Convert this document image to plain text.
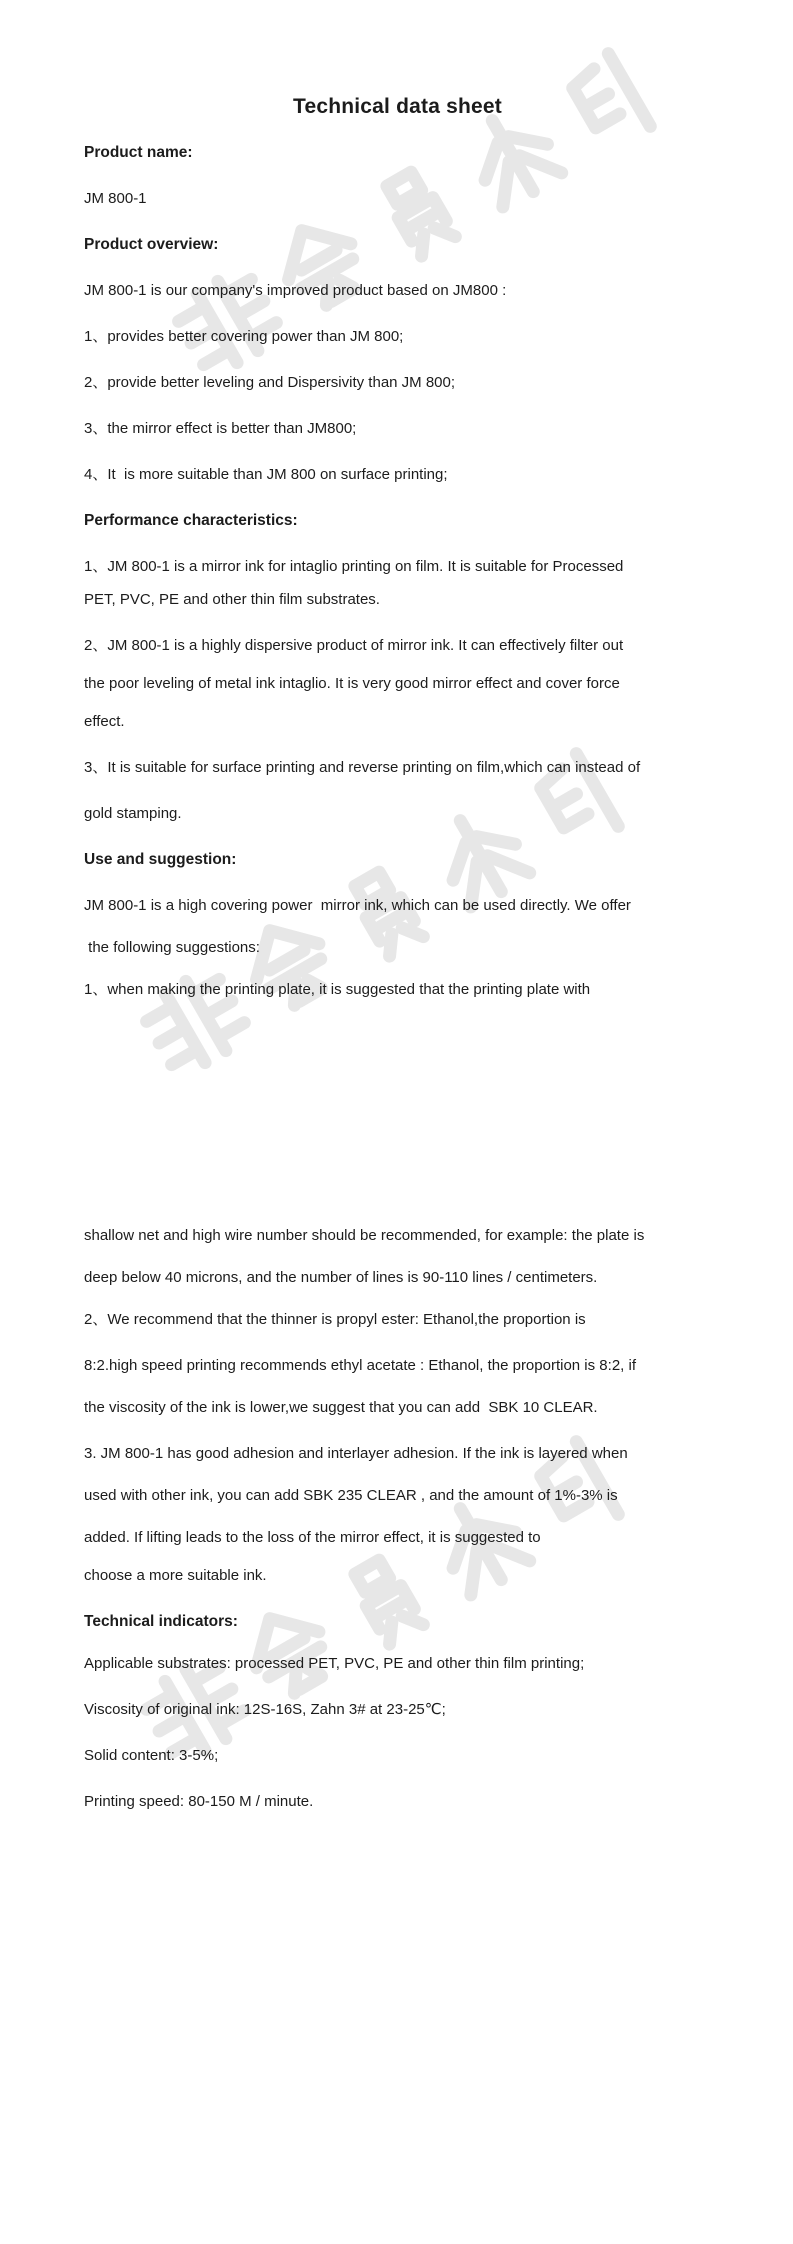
Technical data sheet

Product name:

JM 800-1

Product overview:

JM 800-1 is our company's improved product based on JM800 :

1、provides better covering power than JM 800;

2、provide better leveling and Dispersivity than JM 800;

3、the mirror effect is better than JM800;

4、It  is more suitable than JM 800 on surface printing;

Performance characteristics:

1、JM 800-1 is a mirror ink for intaglio printing on film. It is suitable for Processed

PET, PVC, PE and other thin film substrates.

2、JM 800-1 is a highly dispersive product of mirror ink. It can effectively filter out

the poor leveling of metal ink intaglio. It is very good mirror effect and cover force

effect.

3、It is suitable for surface printing and reverse printing on film,which can instead of

gold stamping.

Use and suggestion:

JM 800-1 is a high covering power  mirror ink, which can be used directly. We offer

the following suggestions:

1、when making the printing plate, it is suggested that the printing plate with

shallow net and high wire number should be recommended, for example: the plate is

deep below 40 microns, and the number of lines is 90-110 lines / centimeters.

2、We recommend that the thinner is propyl ester: Ethanol,the proportion is

8:2.high speed printing recommends ethyl acetate : Ethanol, the proportion is 8:2, if

the viscosity of the ink is lower,we suggest that you can add  SBK 10 CLEAR.

3. JM 800-1 has good adhesion and interlayer adhesion. If the ink is layered when

used with other ink, you can add SBK 235 CLEAR , and the amount of 1%-3% is

added. If lifting leads to the loss of the mirror effect, it is suggested to

choose a more suitable ink.

Technical indicators:

Applicable substrates: processed PET, PVC, PE and other thin film printing;

Viscosity of original ink: 12S-16S, Zahn 3# at 23-25℃;

Solid content: 3-5%;

Printing speed: 80-150 M / minute.
